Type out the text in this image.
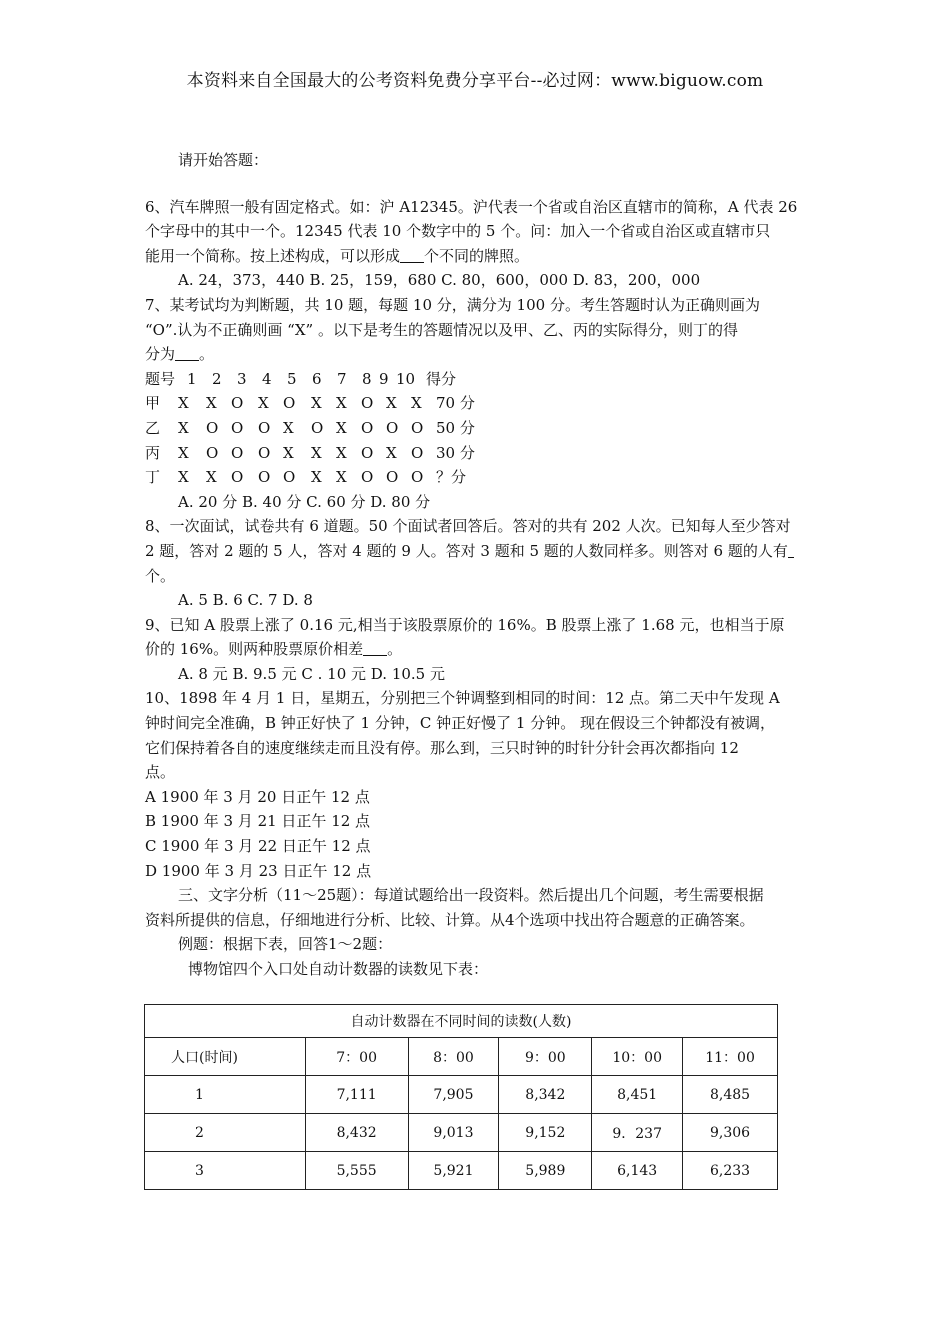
本资料来自全国最大的公考资料免费分享平台--必过网：www.biguow.com

请开始答题：

6、汽车牌照一般有固定格式。如：沪 A12345。沪代表一个省或自治区直辖市的简称，A 代表 26

个字母中的其中一个。12345 代表 10 个数字中的 5 个。问：加入一个省或自治区或直辖市只

能用一个简称。按上述构成，可以形成 个不同的牌照。

A. 24，373，440 B. 25，159，680 C. 80，600，000 D. 83，200，000

7、某考试均为判断题，共 10 题，每题 10 分，满分为 100 分。考生答题时认为正确则画为

“O”.认为不正确则画 “X” 。以下是考生的答题情况以及甲、乙、丙的实际得分，则丁的得

分为 。

题号 1	2	3	4	5	6	7	8 9 10 得分
甲	X	X O X O	X X O X X 70 分
乙	X	O O O X	O X O O O 50 分
丙	X	O O O X	X X O X O 30 分
丁	X	X O O O	X X O O O ？分

A. 20 分 B. 40 分 C. 60 分 D. 80 分

8、一次面试，试卷共有 6 道题。50 个面试者回答后。答对的共有 202 人次。已知每人至少答对

2 题，答对 2 题的 5 人，答对 4 题的 9 人。答对 3 题和 5 题的人数同样多。则答对 6 题的人有

个。

A. 5 B. 6 C. 7 D. 8

9、已知 A 股票上涨了 0.16 元,相当于该股票原价的 16%。B 股票上涨了 1.68 元，也相当于原

价的 16%。则两种股票原价相差 。

A. 8 元 B. 9.5 元 C . 10 元 D. 10.5 元

10、1898 年 4 月 1 日，星期五，分别把三个钟调整到相同的时间：12 点。第二天中午发现 A

钟时间完全准确，B 钟正好快了 1 分钟，C 钟正好慢了 1 分钟。 现在假设三个钟都没有被调，

它们保持着各自的速度继续走而且没有停。那么到，三只时钟的时针分针会再次都指向 12

点。

A 1900 年 3 月 20 日正午 12 点

B 1900 年 3 月 21 日正午 12 点

C 1900 年 3 月 22 日正午 12 点

D 1900 年 3 月 23 日正午 12 点

三、文字分析（11～25题）：每道试题给出一段资料。然后提出几个问题，考生需要根据

资料所提供的信息，仔细地进行分析、比较、计算。从4个选项中找出符合题意的正确答案。

例题：根据下表，回答1～2题：

博物馆四个入口处自动计数器的读数见下表：

自动计数器在不同时间的读数(人数)					
人口(时间)	7：00	8：00	9：00	10：00	11：00
1	7,111	7,905	8,342	8,451	8,485
2	8,432	9,013	9,152	9．237	9,306
3	5,555	5,921	5,989	6,143	6,233
